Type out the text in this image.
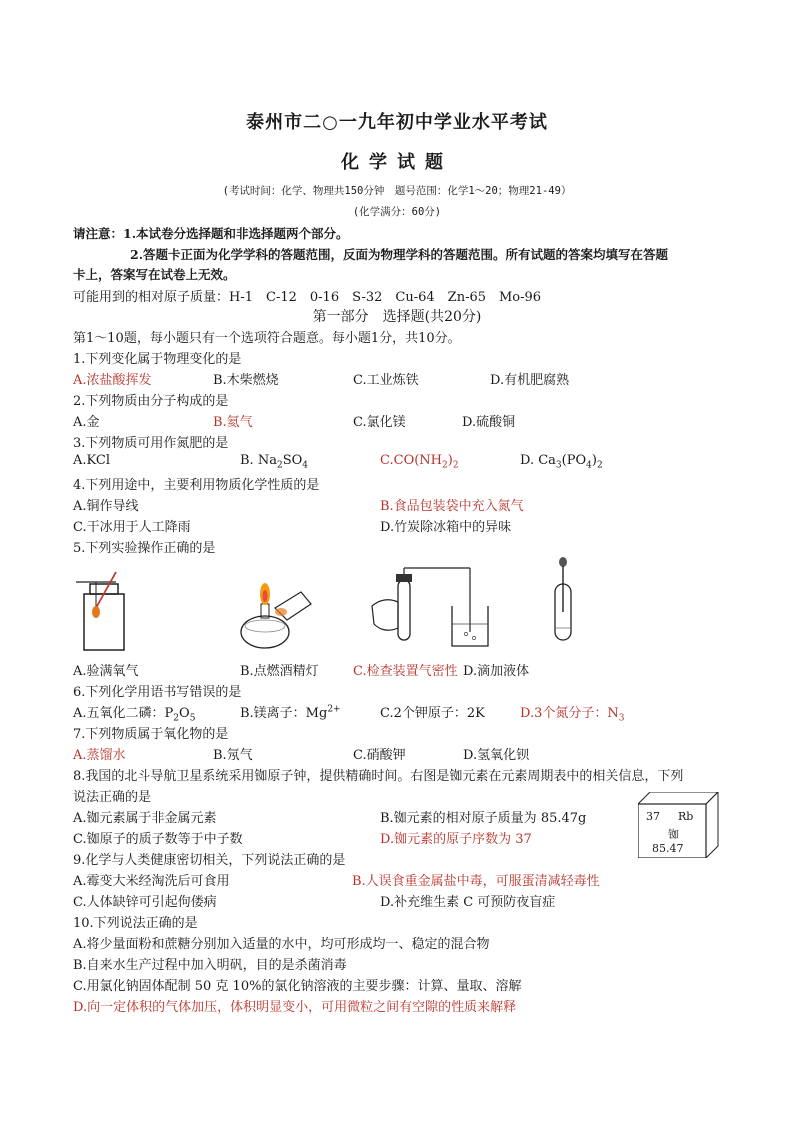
泰州市二○一九年初中学业水平考试
化学试题
(考试时间：化学、物理共150分钟　题号范围：化学1～20；物理21-49）
(化学满分：60分)
请注意：1.本试卷分选择题和非选择题两个部分。
2.答题卡正面为化学学科的答题范围，反面为物理学科的答题范围。所有试题的答案均填写在答题
卡上，答案写在试卷上无效。
可能用到的相对原子质量：H-1　C-12　0-16　S-32　Cu-64　Zn-65　Mo-96
第一部分　选择题(共20分)
第1～10题，每小题只有一个选项符合题意。每小题1分，共10分。
1.下列变化属于物理变化的是
A.浓盐酸挥发	B.木柴燃烧	C.工业炼铁	D.有机肥腐熟
2.下列物质由分子构成的是
A.金	B.氦气	C.氯化镁	D.硫酸铜
3.下列物质可用作氮肥的是
A.KCl	B. $Na_2SO_4$	$C.CO(NH_2)_2$	D. $Ca_3(PO_4)_2$
4.下列用途中，主要利用物质化学性质的是
A.铜作导线	B.食品包装袋中充入氮气
C.干冰用于人工降雨	D.竹炭除冰箱中的异味
5.下列实验操作正确的是
A.验满氧气	B.点燃酒精灯	C.检查装置气密性 D.滴加液体
6.下列化学用语书写错误的是
A.五氧化二磷：$P_2O_5$	B.镁离子：$Mg^{2+}$	C.2个钾原子：2K	D.3个氮分子：$N_3$
7.下列物质属于氧化物的是
A.蒸馏水	B.氖气	C.硝酸钾	D.氢氧化钡
8.我国的北斗导航卫星系统采用铷原子钟，提供精确时间。右图是铷元素在元素周期表中的相关信息，下列
说法正确的是
A.铷元素属于非金属元素	B.铷元素的相对原子质量为 85.47g
C.铷原子的质子数等于中子数	D.铷元素的原子序数为 37
37 Rb
铷
85.47
9.化学与人类健康密切相关，下列说法正确的是
A.霉变大米经淘洗后可食用	B.人误食重金属盐中毒，可服蛋清减轻毒性
C.人体缺锌可引起佝偻病	D.补充维生素 C 可预防夜盲症
10.下列说法正确的是
A.将少量面粉和蔗糖分别加入适量的水中，均可形成均一、稳定的混合物
B.自来水生产过程中加入明矾，目的是杀菌消毒
C.用氯化钠固体配制 50 克 10%的氯化钠溶液的主要步骤：计算、量取、溶解
D.向一定体积的气体加压，体积明显变小，可用微粒之间有空隙的性质来解释
